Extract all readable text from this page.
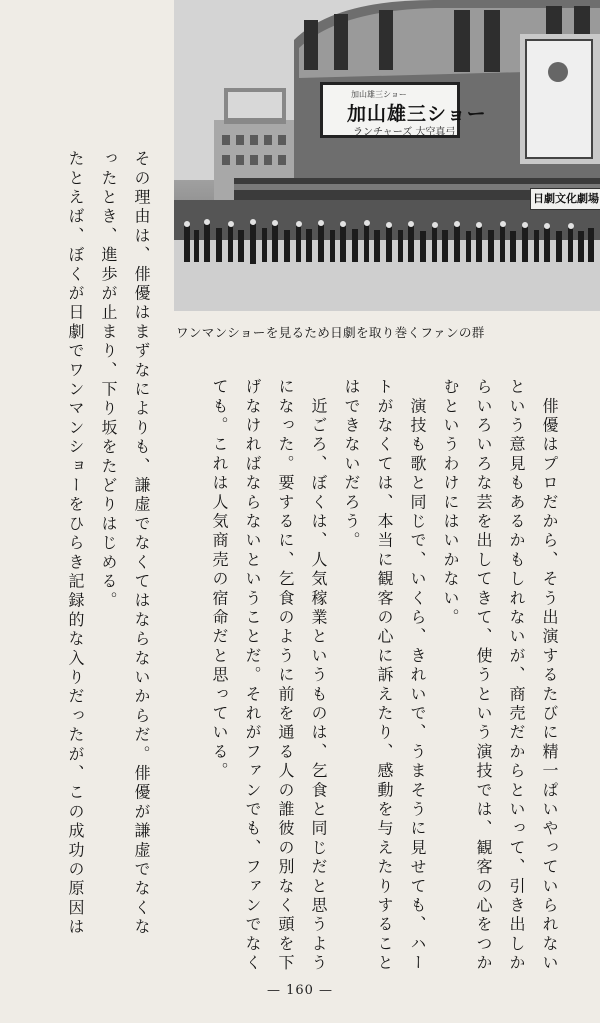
加山雄三ショー
加山雄三ショー
ランチャーズ 大空真弓
日劇文化劇場
ワンマンショーを見るため日劇を取り巻くファンの群
　俳優はプロだから、そう出演するたびに精一ぱいやっていられない
という意見もあるかもしれないが、商売だからといって、引き出しか
らいろいろな芸を出してきて、使うという演技では、観客の心をつか
むというわけにはいかない。
　演技も歌と同じで、いくら、きれいで、うまそうに見せても、ハー
トがなくては、本当に観客の心に訴えたり、感動を与えたりすること
はできないだろう。
　近ごろ、ぼくは、人気稼業というものは、乞食と同じだと思うよう
になった。要するに、乞食のように前を通る人の誰彼の別なく頭を下
げなければならないということだ。それがファンでも、ファンでなく
ても。これは人気商売の宿命だと思っている。
その理由は、俳優はまずなによりも、謙虚でなくてはならないからだ。俳優が謙虚でなくな
ったとき、進歩が止まり、下り坂をたどりはじめる。
たとえば、ぼくが日劇でワンマンショーをひらき記録的な入りだったが、この成功の原因は
— 160 —
